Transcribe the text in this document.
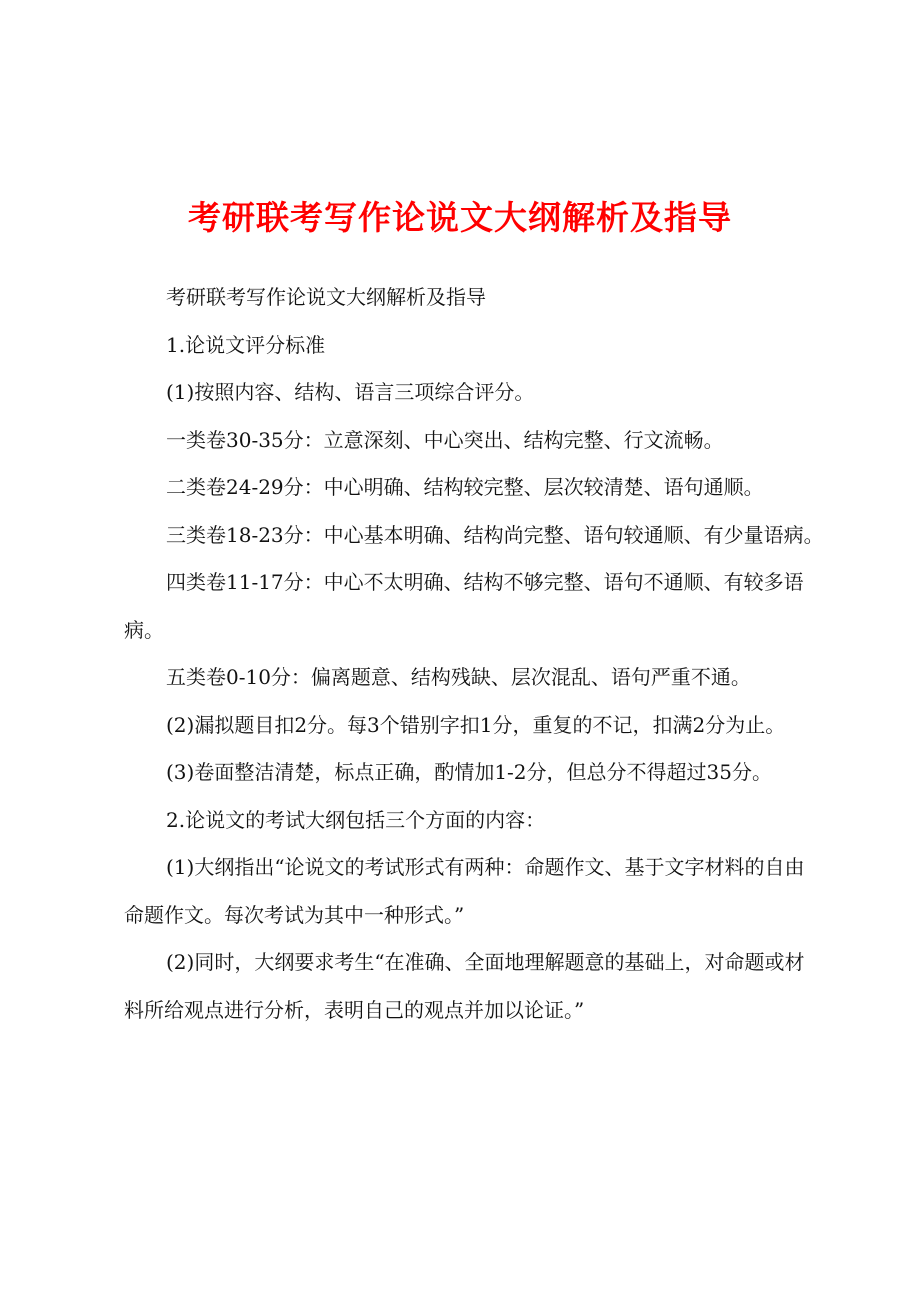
考研联考写作论说文大纲解析及指导

考研联考写作论说文大纲解析及指导

1.论说文评分标准

(1)按照内容、结构、语言三项综合评分。

一类卷30-35分：立意深刻、中心突出、结构完整、行文流畅。

二类卷24-29分：中心明确、结构较完整、层次较清楚、语句通顺。

三类卷18-23分：中心基本明确、结构尚完整、语句较通顺、有少量语病。

四类卷11-17分：中心不太明确、结构不够完整、语句不通顺、有较多语病。

五类卷0-10分：偏离题意、结构残缺、层次混乱、语句严重不通。

(2)漏拟题目扣2分。每3个错别字扣1分，重复的不记，扣满2分为止。

(3)卷面整洁清楚，标点正确，酌情加1-2分，但总分不得超过35分。

2.论说文的考试大纲包括三个方面的内容：

(1)大纲指出“论说文的考试形式有两种：命题作文、基于文字材料的自由命题作文。每次考试为其中一种形式。”

(2)同时，大纲要求考生“在准确、全面地理解题意的基础上，对命题或材料所给观点进行分析，表明自己的观点并加以论证。”
